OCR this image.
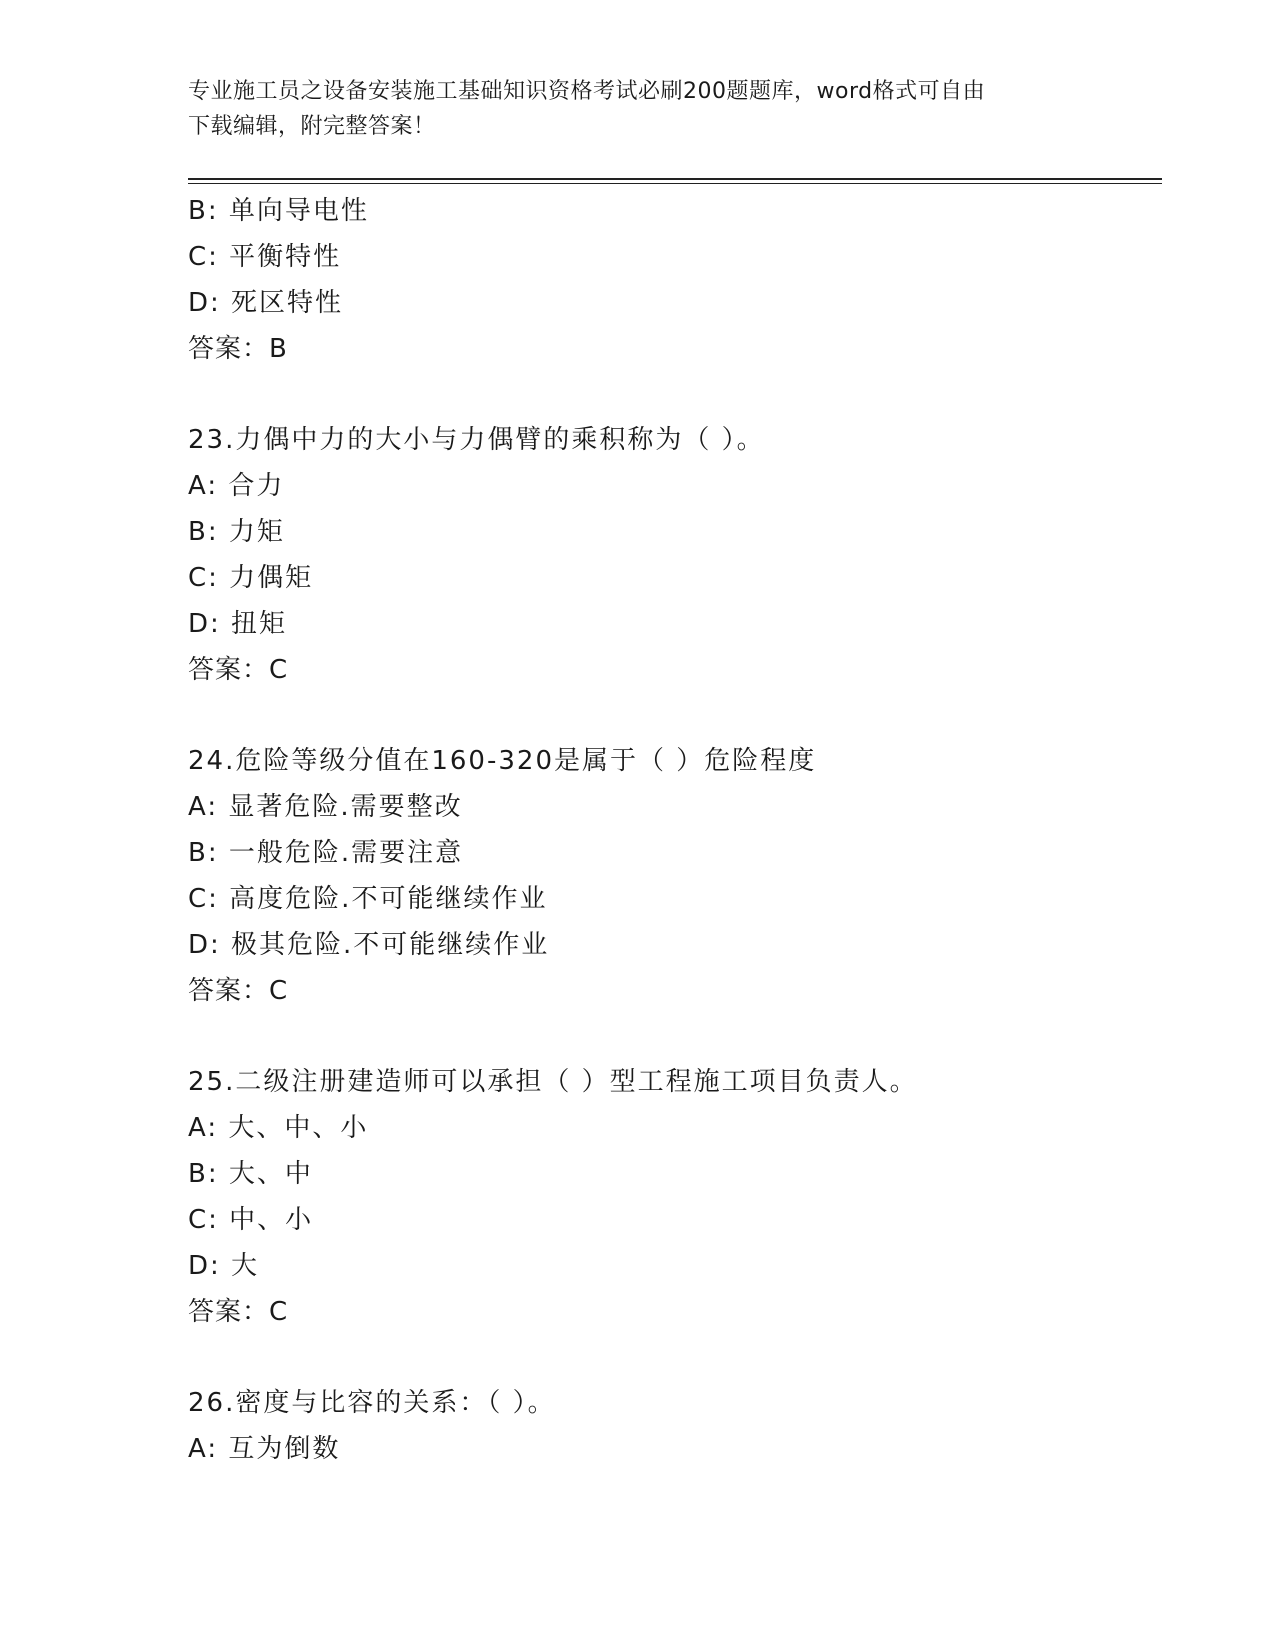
专业施工员之设备安装施工基础知识资格考试必刷200题题库，word格式可自由
下载编辑，附完整答案！
B: 单向导电性
C: 平衡特性
D: 死区特性
答案：B
23.力偶中力的大小与力偶臂的乘积称为（ ）。
A: 合力
B: 力矩
C: 力偶矩
D: 扭矩
答案：C
24.危险等级分值在160-320是属于（ ）危险程度
A: 显著危险.需要整改
B: 一般危险.需要注意
C: 高度危险.不可能继续作业
D: 极其危险.不可能继续作业
答案：C
25.二级注册建造师可以承担（ ）型工程施工项目负责人。
A: 大、中、小
B: 大、中
C: 中、小
D: 大
答案：C
26.密度与比容的关系：（ ）。
A: 互为倒数
